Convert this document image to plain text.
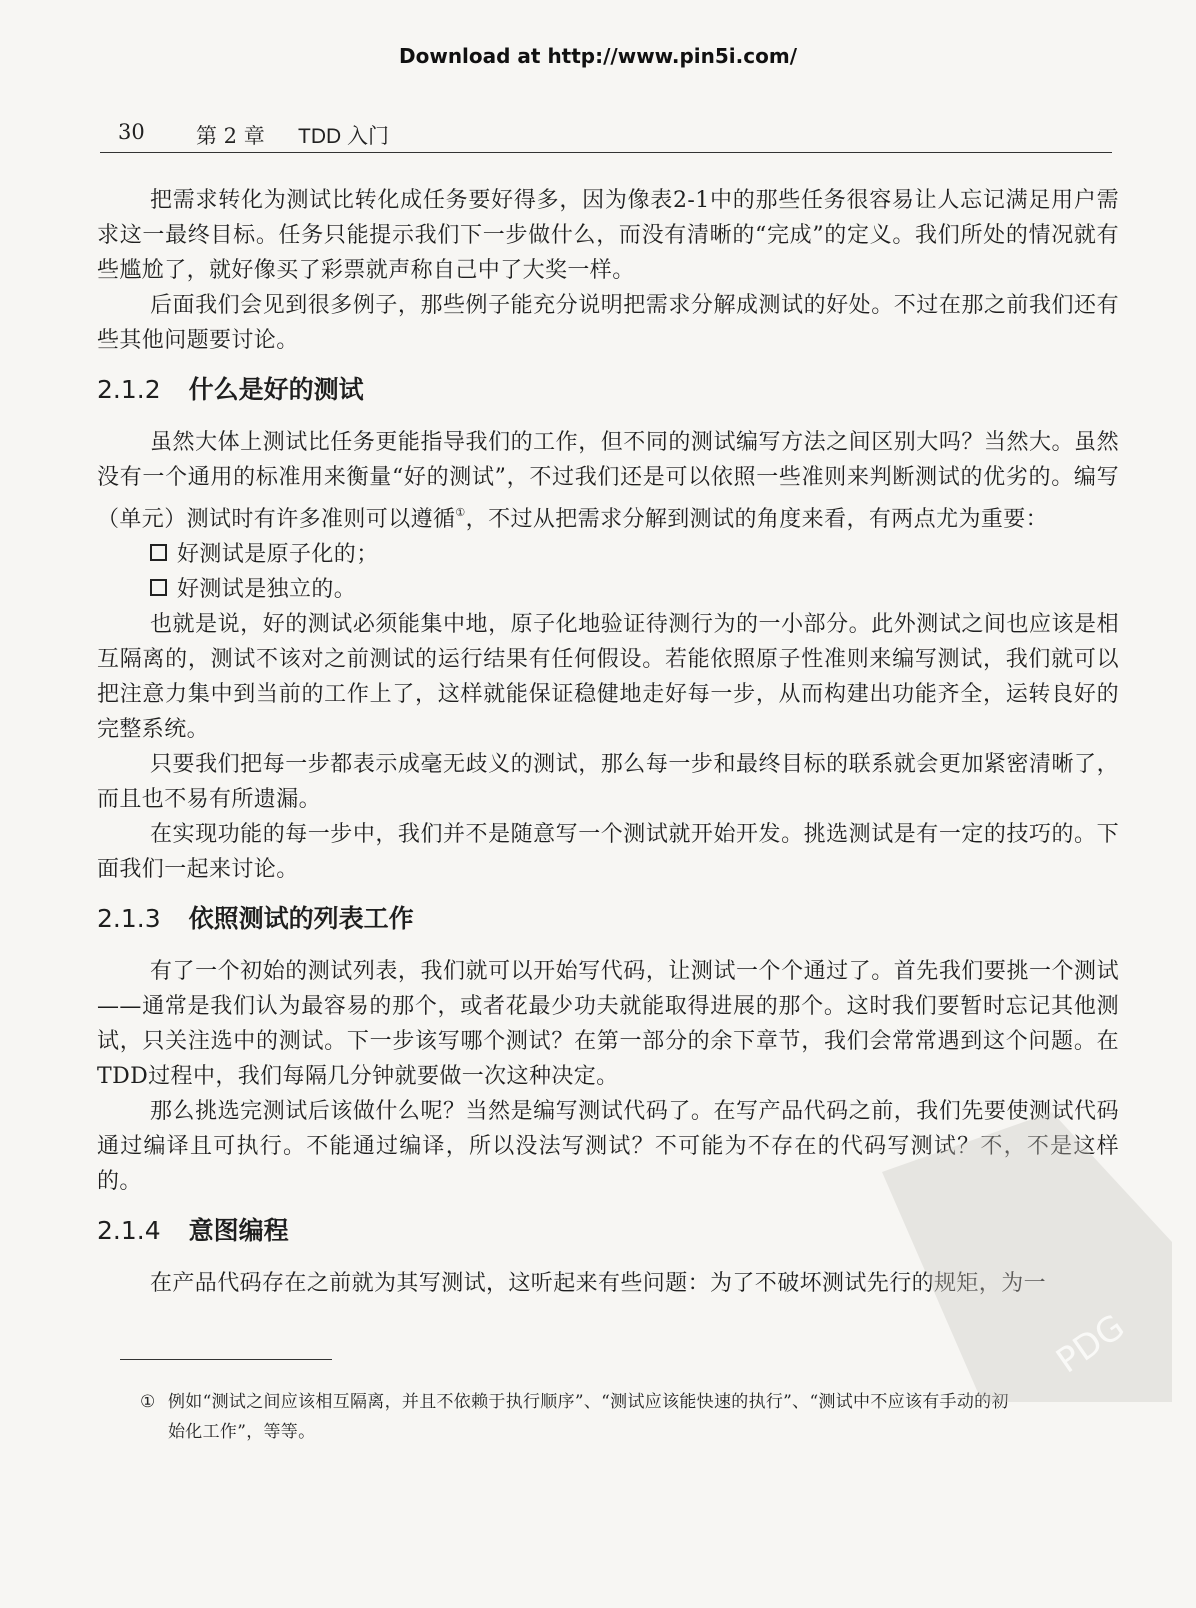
Download at http://www.pin5i.com/
30 第 2 章 TDD 入门

把需求转化为测试比转化成任务要好得多，因为像表2-1中的那些任务很容易让人忘记满足用户需求这一最终目标。任务只能提示我们下一步做什么，而没有清晰的“完成”的定义。我们所处的情况就有些尴尬了，就好像买了彩票就声称自己中了大奖一样。

后面我们会见到很多例子，那些例子能充分说明把需求分解成测试的好处。不过在那之前我们还有些其他问题要讨论。

2.1.2 什么是好的测试

虽然大体上测试比任务更能指导我们的工作，但不同的测试编写方法之间区别大吗？当然大。虽然没有一个通用的标准用来衡量“好的测试”，不过我们还是可以依照一些准则来判断测试的优劣的。编写（单元）测试时有许多准则可以遵循①，不过从把需求分解到测试的角度来看，有两点尤为重要：

好测试是原子化的；
好测试是独立的。

也就是说，好的测试必须能集中地，原子化地验证待测行为的一小部分。此外测试之间也应该是相互隔离的，测试不该对之前测试的运行结果有任何假设。若能依照原子性准则来编写测试，我们就可以把注意力集中到当前的工作上了，这样就能保证稳健地走好每一步，从而构建出功能齐全，运转良好的完整系统。

只要我们把每一步都表示成毫无歧义的测试，那么每一步和最终目标的联系就会更加紧密清晰了，而且也不易有所遗漏。

在实现功能的每一步中，我们并不是随意写一个测试就开始开发。挑选测试是有一定的技巧的。下面我们一起来讨论。

2.1.3 依照测试的列表工作

有了一个初始的测试列表，我们就可以开始写代码，让测试一个个通过了。首先我们要挑一个测试——通常是我们认为最容易的那个，或者花最少功夫就能取得进展的那个。这时我们要暂时忘记其他测试，只关注选中的测试。下一步该写哪个测试？在第一部分的余下章节，我们会常常遇到这个问题。在TDD过程中，我们每隔几分钟就要做一次这种决定。

那么挑选完测试后该做什么呢？当然是编写测试代码了。在写产品代码之前，我们先要使测试代码通过编译且可执行。不能通过编译，所以没法写测试？不可能为不存在的代码写测试？不，不是这样的。

2.1.4 意图编程

在产品代码存在之前就为其写测试，这听起来有些问题：为了不破坏测试先行的规矩，为一

① 例如“测试之间应该相互隔离，并且不依赖于执行顺序”、“测试应该能快速的执行”、“测试中不应该有手动的初
始化工作”，等等。
PDG
